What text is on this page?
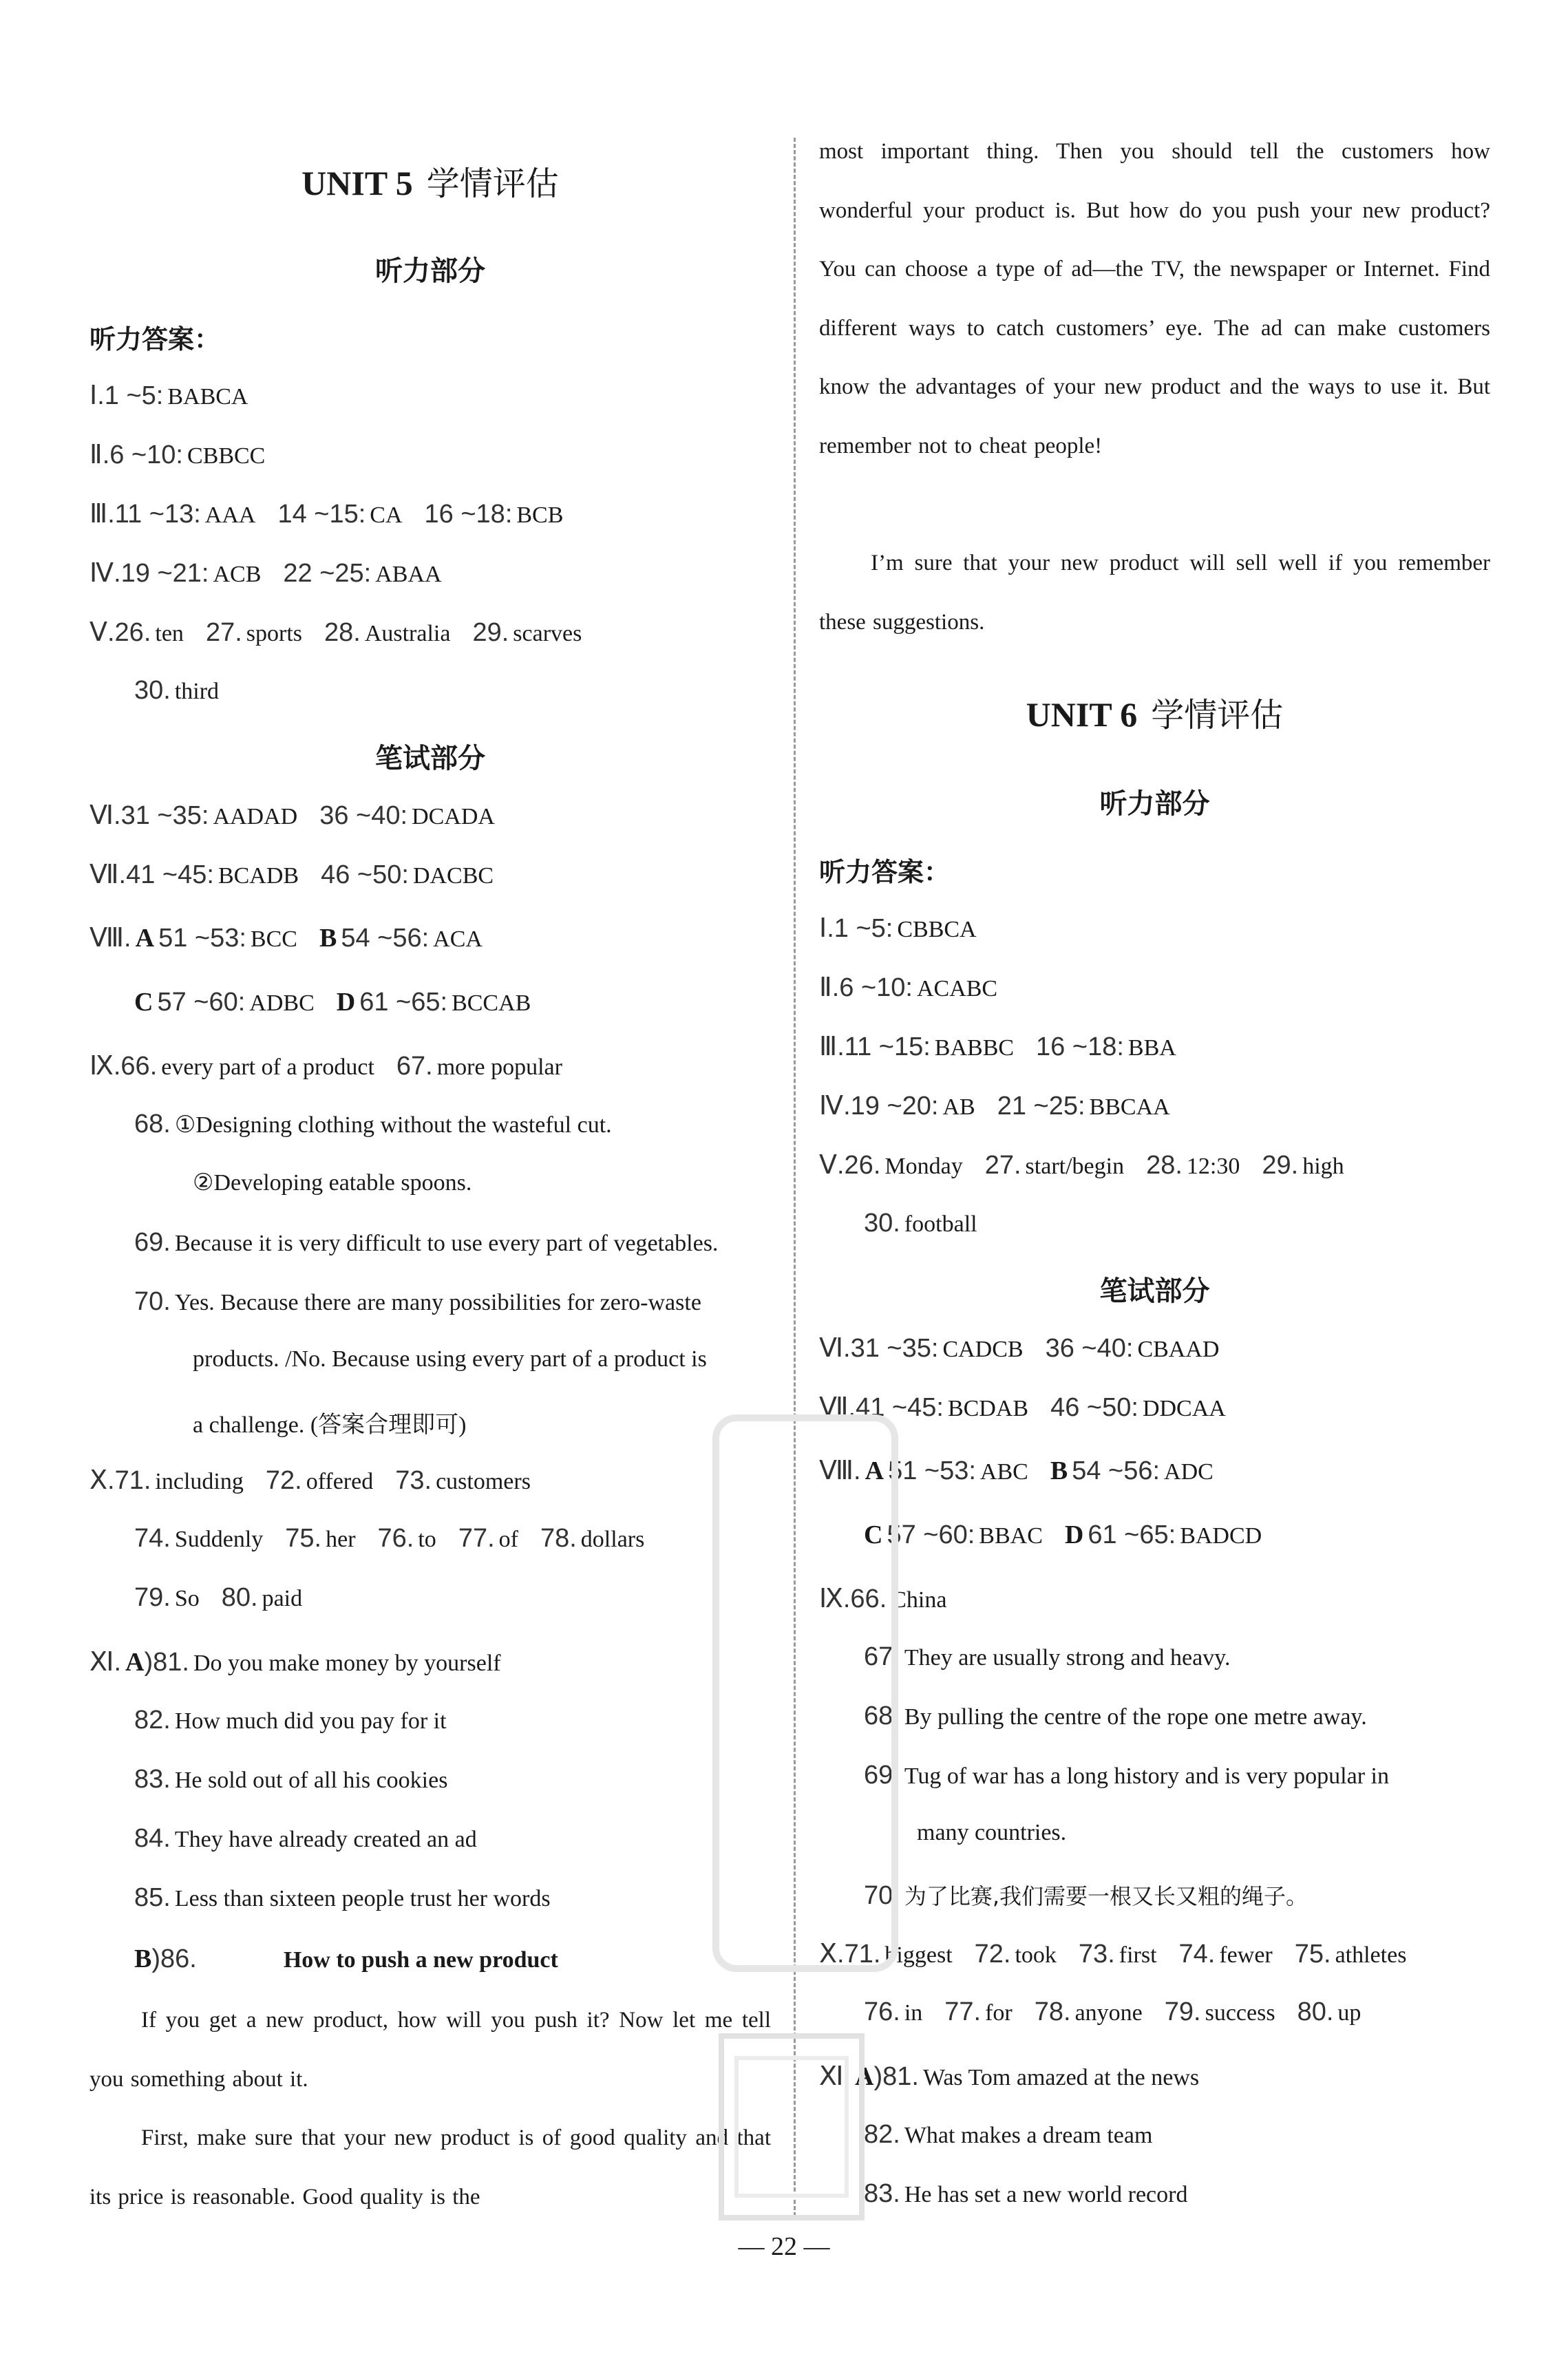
UNIT 5 学情评估
听力部分
听力答案：
Ⅰ.1 ~5: BABCA
Ⅱ.6 ~10: CBBCC
Ⅲ.11 ~13: AAA 14 ~15: CA 16 ~18: BCB
Ⅳ.19 ~21: ACB 22 ~25: ABAA
Ⅴ.26. ten 27. sports 28. Australia 29. scarves
30. third
笔试部分
Ⅵ.31 ~35: AADAD 36 ~40: DCADA
Ⅶ.41 ~45: BCADB 46 ~50: DACBC
Ⅷ. A 51 ~53: BCC B 54 ~56: ACA
C 57 ~60: ADBC D 61 ~65: BCCAB
Ⅸ.66. every part of a product 67. more popular
68. ①Designing clothing without the wasteful cut.
②Developing eatable spoons.
69. Because it is very difficult to use every part of vegetables.
70. Yes. Because there are many possibilities for zero-waste
products. /No. Because using every part of a product is
a challenge. (答案合理即可)
Ⅹ.71. including 72. offered 73. customers
74. Suddenly 75. her 76. to 77. of 78. dollars
79. So 80. paid
Ⅺ. A)81. Do you make money by yourself
82. How much did you pay for it
83. He sold out of all his cookies
84. They have already created an ad
85. Less than sixteen people trust her words
B)86.	How to push a new product
If you get a new product, how will you push it? Now let me tell you something about it.
First, make sure that your new product is of good quality and that its price is reasonable. Good quality is the
most important thing. Then you should tell the customers how wonderful your product is. But how do you push your new product? You can choose a type of ad—the TV, the newspaper or Internet. Find different ways to catch customers’ eye. The ad can make customers know the advantages of your new product and the ways to use it. But remember not to cheat people!
I’m sure that your new product will sell well if you remember these suggestions.
UNIT 6 学情评估
听力部分
听力答案：
Ⅰ.1 ~5: CBBCA
Ⅱ.6 ~10: ACABC
Ⅲ.11 ~15: BABBC 16 ~18: BBA
Ⅳ.19 ~20: AB 21 ~25: BBCAA
Ⅴ.26. Monday 27. start/begin 28. 12:30 29. high
30. football
笔试部分
Ⅵ.31 ~35: CADCB 36 ~40: CBAAD
Ⅶ.41 ~45: BCDAB 46 ~50: DDCAA
Ⅷ. A 51 ~53: ABC B 54 ~56: ADC
C 57 ~60: BBAC D 61 ~65: BADCD
Ⅸ.66. China
67. They are usually strong and heavy.
68. By pulling the centre of the rope one metre away.
69. Tug of war has a long history and is very popular in
many countries.
70. 为了比赛,我们需要一根又长又粗的绳子。
Ⅹ.71. biggest 72. took 73. first 74. fewer 75. athletes
76. in 77. for 78. anyone 79. success 80. up
Ⅺ. A)81. Was Tom amazed at the news
82. What makes a dream team
83. He has set a new world record
— 22 —
